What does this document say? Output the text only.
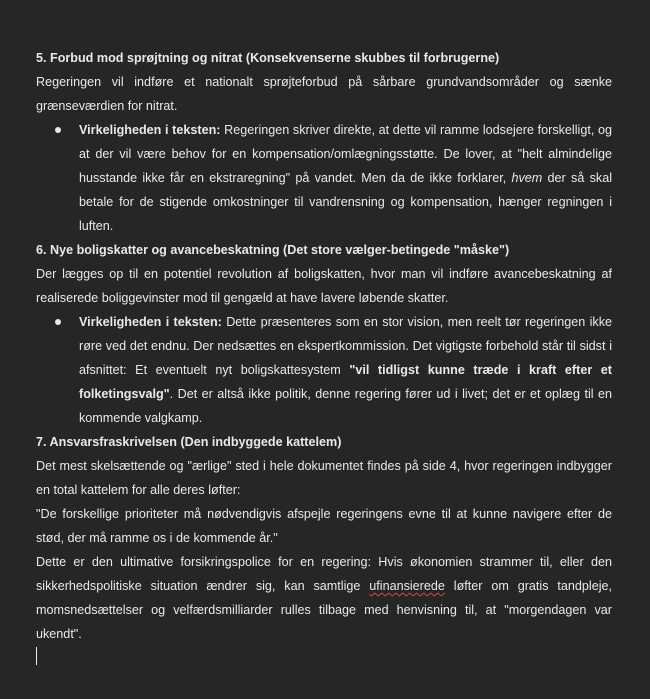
5. Forbud mod sprøjtning og nitrat (Konsekvenserne skubbes til forbrugerne)

Regeringen vil indføre et nationalt sprøjteforbud på sårbare grundvandsområder og sænke grænseværdien for nitrat.

Virkeligheden i teksten: Regeringen skriver direkte, at dette vil ramme lodsejere forskelligt, og at der vil være behov for en kompensation/omlægningsstøtte. De lover, at "helt almindelige husstande ikke får en ekstraregning" på vandet. Men da de ikke forklarer, hvem der så skal betale for de stigende omkostninger til vandrensning og kompensation, hænger regningen i luften.

6. Nye boligskatter og avancebeskatning (Det store vælger-betingede "måske")

Der lægges op til en potentiel revolution af boligskatten, hvor man vil indføre avancebeskatning af realiserede boliggevinster mod til gengæld at have lavere løbende skatter.

Virkeligheden i teksten: Dette præsenteres som en stor vision, men reelt tør regeringen ikke røre ved det endnu. Der nedsættes en ekspertkommission. Det vigtigste forbehold står til sidst i afsnittet: Et eventuelt nyt boligskattesystem "vil tidligst kunne træde i kraft efter et folketingsvalg". Det er altså ikke politik, denne regering fører ud i livet; det er et oplæg til en kommende valgkamp.

7. Ansvarsfraskrivelsen (Den indbyggede kattelem)

Det mest skelsættende og "ærlige" sted i hele dokumentet findes på side 4, hvor regeringen indbygger en total kattelem for alle deres løfter:

"De forskellige prioriteter må nødvendigvis afspejle regeringens evne til at kunne navigere efter de stød, der må ramme os i de kommende år."

Dette er den ultimative forsikringspolice for en regering: Hvis økonomien strammer til, eller den sikkerhedspolitiske situation ændrer sig, kan samtlige ufinansierede løfter om gratis tandpleje, momsnedsættelser og velfærdsmilliarder rulles tilbage med henvisning til, at "morgendagen var ukendt".
